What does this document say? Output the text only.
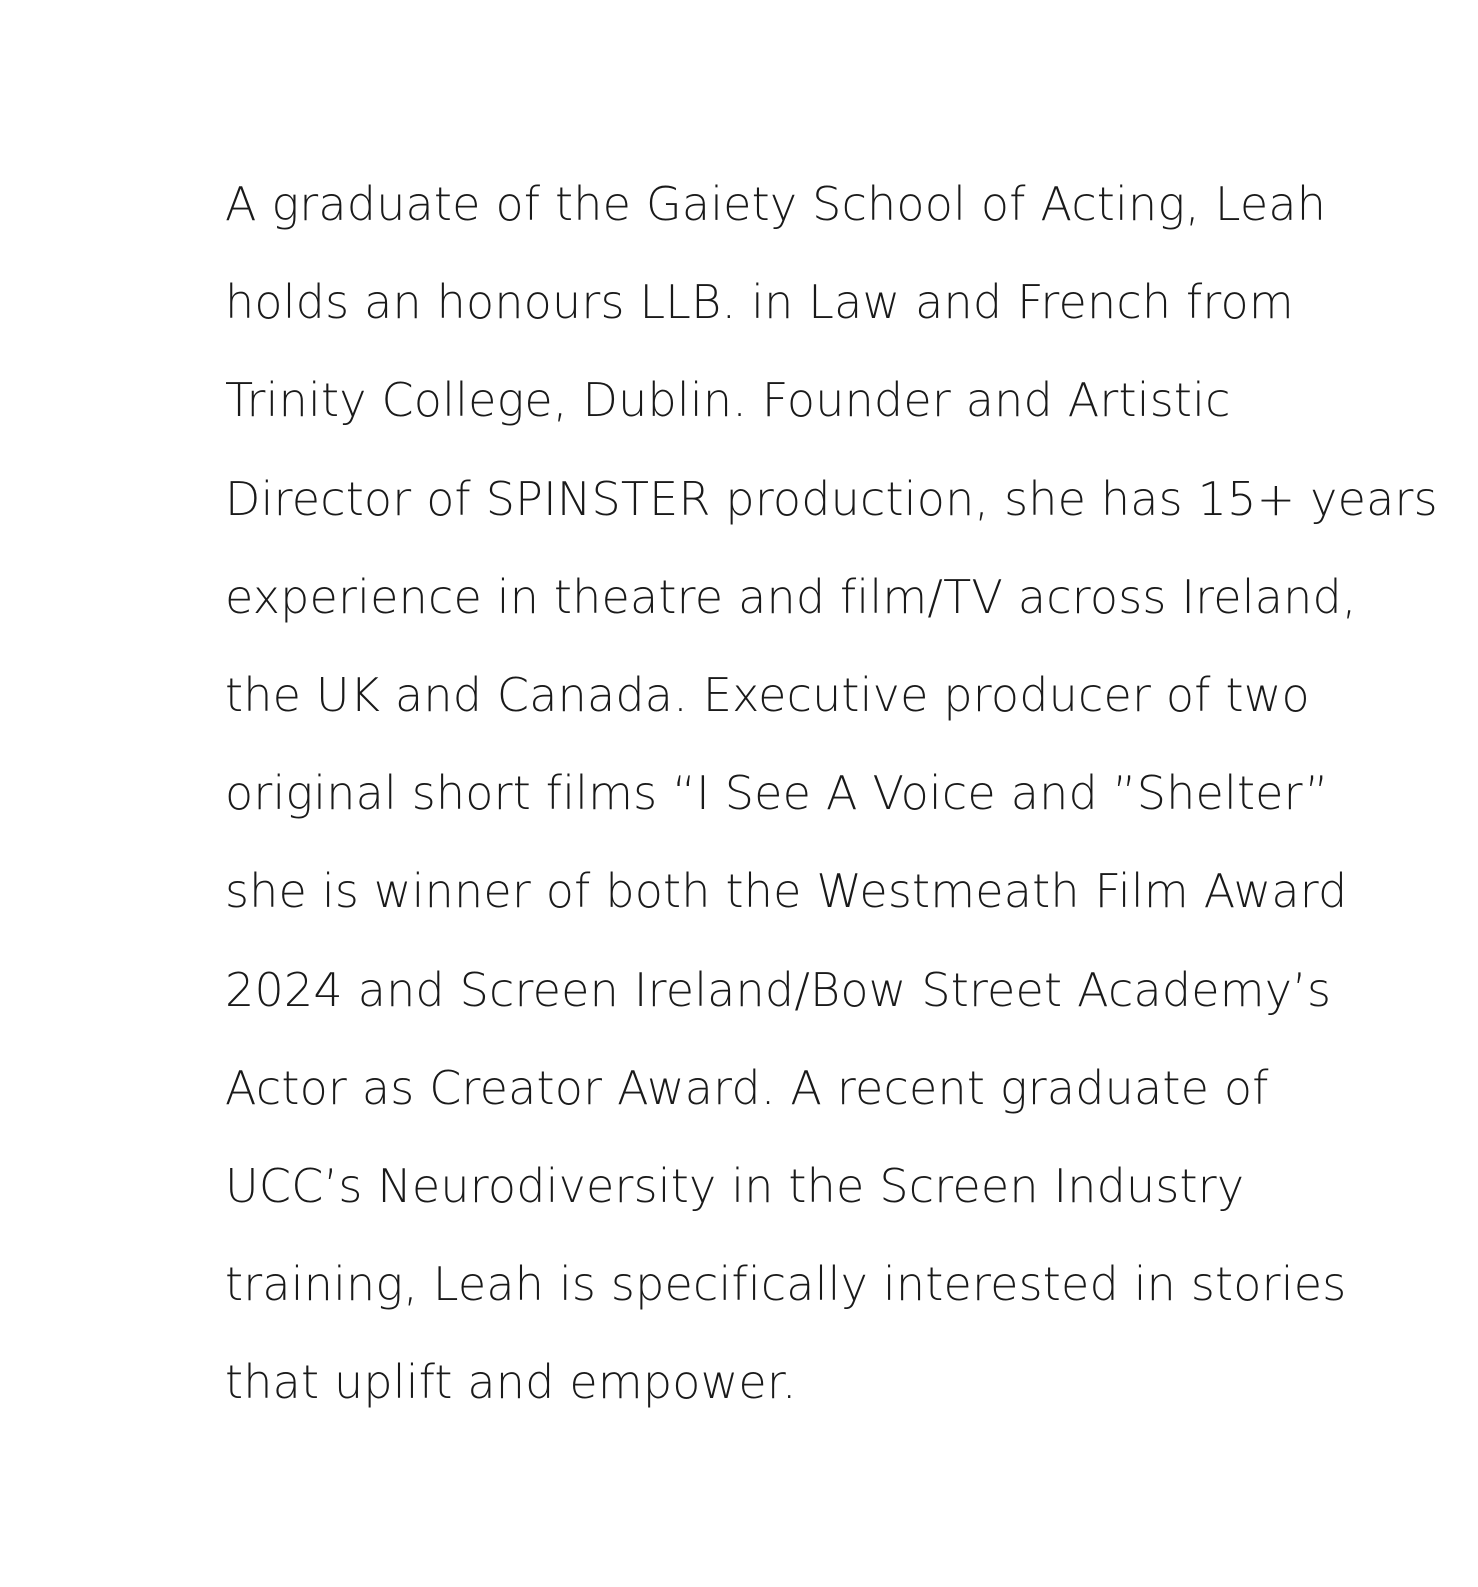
A graduate of the Gaiety School of Acting, Leah
holds an honours LLB. in Law and French from
Trinity College, Dublin. Founder and Artistic
Director of SPINSTER production, she has 15+ years
experience in theatre and film/TV across Ireland,
the UK and Canada. Executive producer of two
original short films “I See A Voice and ”Shelter”
she is winner of both the Westmeath Film Award
2024 and Screen Ireland/Bow Street Academy’s
Actor as Creator Award. A recent graduate of
UCC’s Neurodiversity in the Screen Industry
training, Leah is specifically interested in stories
that uplift and empower.
